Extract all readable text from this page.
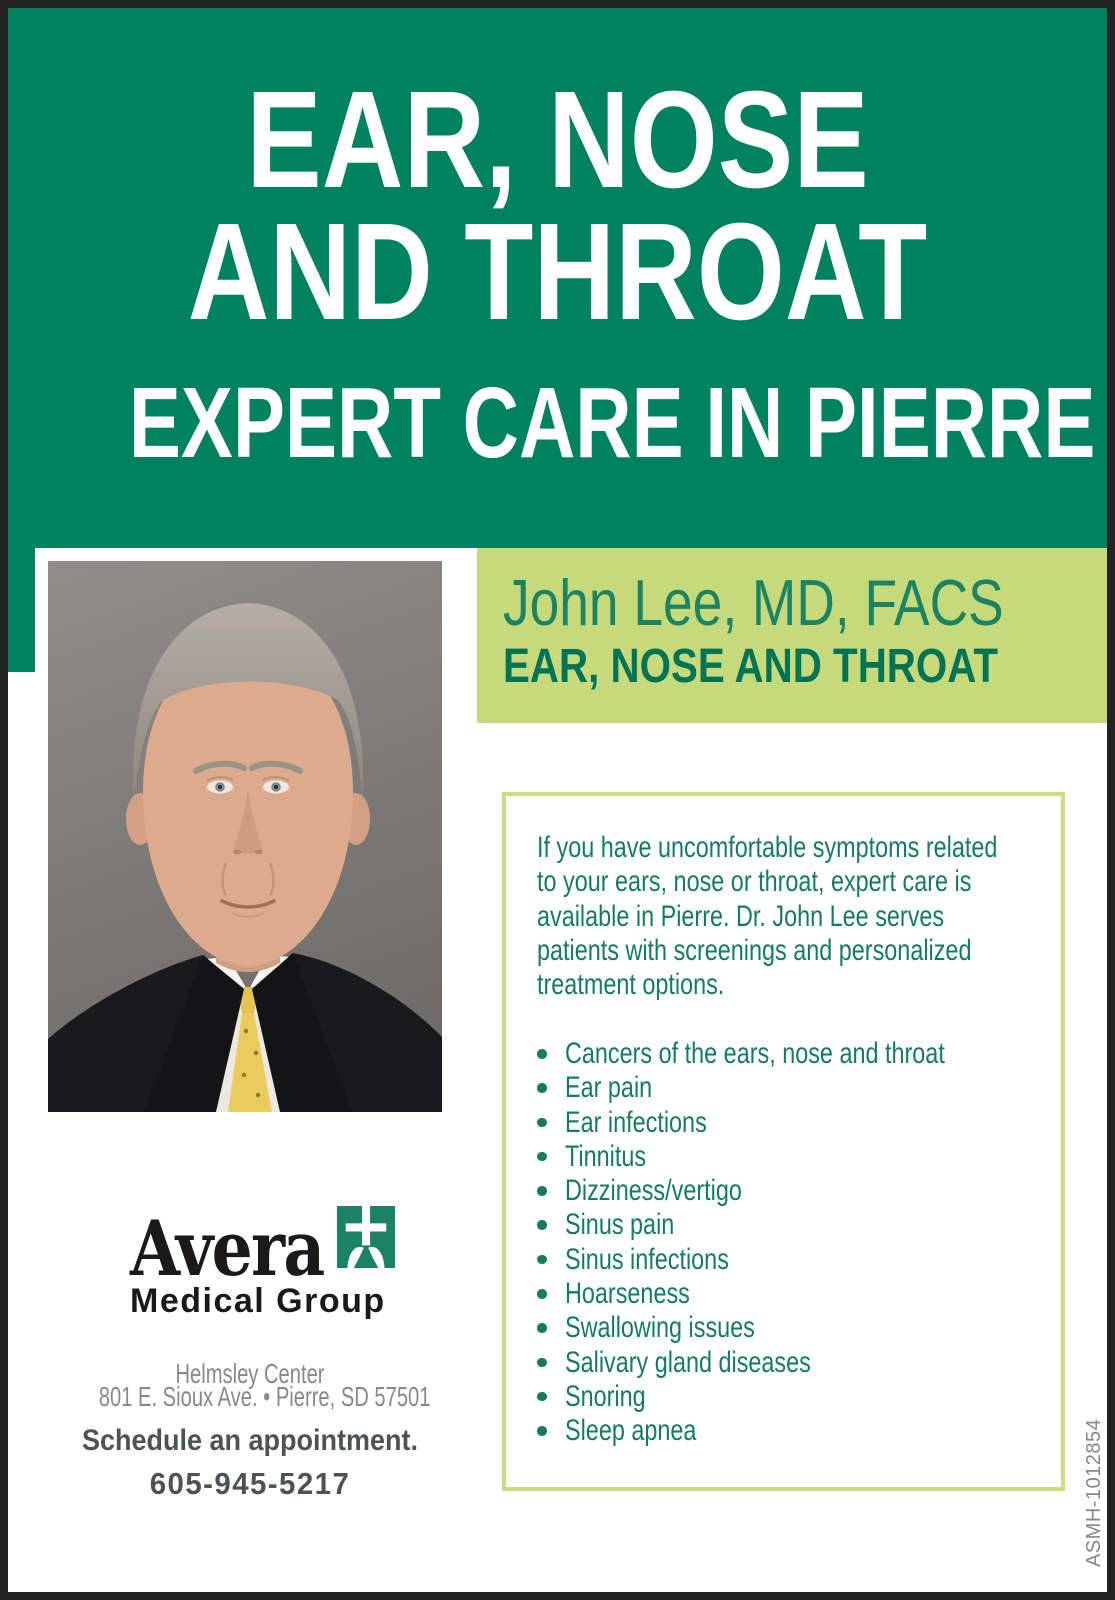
EAR, NOSE
AND THROAT
EXPERT CARE IN PIERRE
John Lee, MD, FACS
EAR, NOSE AND THROAT
If you have uncomfortable symptoms related
to your ears, nose or throat, expert care is
available in Pierre. Dr. John Lee serves
patients with screenings and personalized
treatment options.
Cancers of the ears, nose and throat
Ear pain
Ear infections
Tinnitus
Dizziness/vertigo
Sinus pain
Sinus infections
Hoarseness
Swallowing issues
Salivary gland diseases
Snoring
Sleep apnea
Avera
Medical Group
Helmsley Center
801 E. Sioux Ave. • Pierre, SD 57501
Schedule an appointment.
605-945-5217	ASMH-1012854
